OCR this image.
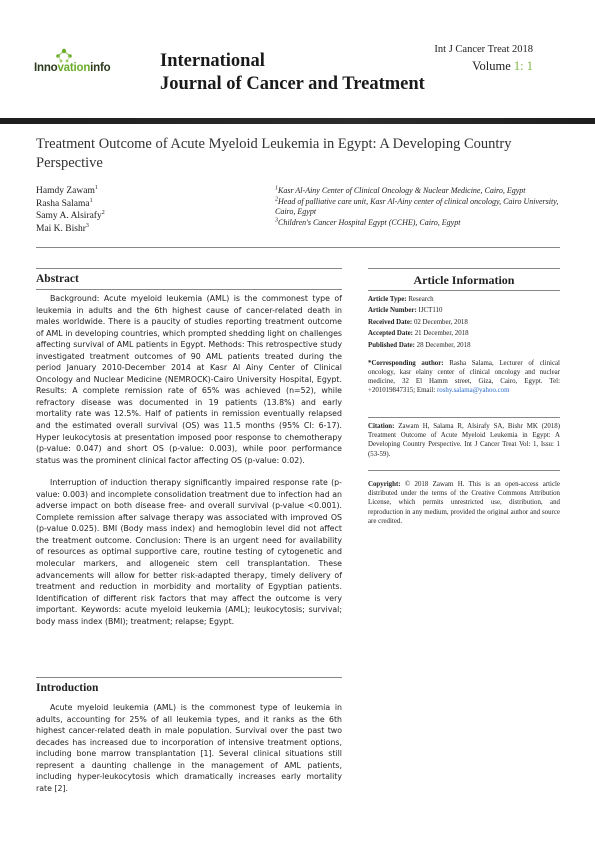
Innovationinfo	International
Journal of Cancer and Treatment
Int J Cancer Treat 2018
Volume 1: 1
Treatment Outcome of Acute Myeloid Leukemia in Egypt: A Developing Country Perspective
Hamdy Zawam$^1$
Rasha Salama$^1$
Samy A. Alsirafy$^2$
Mai K. Bishr$^3$
$^1$Kasr Al-Ainy Center of Clinical Oncology & Nuclear Medicine, Cairo, Egypt
$^2$Head of palliative care unit, Kasr Al-Ainy center of clinical oncology, Cairo University, Cairo, Egypt
$^3$Children's Cancer Hospital Egypt (CCHE), Cairo, Egypt
Abstract

Background: Acute myeloid leukemia (AML) is the commonest type of leukemia in adults and the 6th highest cause of cancer-related death in males worldwide. There is a paucity of studies reporting treatment outcome of AML in developing countries, which prompted shedding light on challenges affecting survival of AML patients in Egypt. Methods: This retrospective study investigated treatment outcomes of 90 AML patients treated during the period January 2010-December 2014 at Kasr Al Ainy Center of Clinical Oncology and Nuclear Medicine (NEMROCK)-Cairo University Hospital, Egypt. Results: A complete remission rate of 65% was achieved (n=52), while refractory disease was documented in 19 patients (13.8%) and early mortality rate was 12.5%. Half of patients in remission eventually relapsed and the estimated overall survival (OS) was 11.5 months (95% CI: 6-17). Hyper leukocytosis at presentation imposed poor response to chemotherapy (p-value: 0.047) and short OS (p-value: 0.003), while poor performance status was the prominent clinical factor affecting OS (p-value: 0.02).

Interruption of induction therapy significantly impaired response rate (p-value: 0.003) and incomplete consolidation treatment due to infection had an adverse impact on both disease free- and overall survival (p-value <0.001). Complete remission after salvage therapy was associated with improved OS (p-value 0.025). BMI (Body mass index) and hemoglobin level did not affect the treatment outcome. Conclusion: There is an urgent need for availability of resources as optimal supportive care, routine testing of cytogenetic and molecular markers, and allogeneic stem cell transplantation. These advancements will allow for better risk-adapted therapy, timely delivery of treatment and reduction in morbidity and mortality of Egyptian patients. Identification of different risk factors that may affect the outcome is very important. Keywords: acute myeloid leukemia (AML); leukocytosis; survival; body mass index (BMI); treatment; relapse; Egypt.

Introduction

Acute myeloid leukemia (AML) is the commonest type of leukemia in adults, accounting for 25% of all leukemia types, and it ranks as the 6th highest cancer-related death in male population. Survival over the past two decades has increased due to incorporation of intensive treatment options, including bone marrow transplantation [1]. Several clinical situations still represent a daunting challenge in the management of AML patients, including hyper-leukocytosis which dramatically increases early mortality rate [2].

Article Information
Article Type: Research
Article Number: IJCT110
Received Date: 02 December, 2018
Accepted Date: 21 December, 2018
Published Date: 28 December, 2018
*Corresponding author: Rasha Salama, Lecturer of clinical oncology, kasr elainy center of clinical oncology and nuclear medicine, 32 El Hamm street, Giza, Cairo, Egypt. Tel: +201019847315; Email: roshy.salama@yahoo.com
Citation: Zawam H, Salama R, Alsirafy SA, Bishr MK (2018) Treatment Outcome of Acute Myeloid Leukemia in Egypt: A Developing Country Perspective. Int J Cancer Treat Vol: 1, Issu: 1 (53-59).
Copyright: © 2018 Zawam H. This is an open-access article distributed under the terms of the Creative Commons Attribution License, which permits unrestricted use, distribution, and reproduction in any medium, provided the original author and source are credited.
